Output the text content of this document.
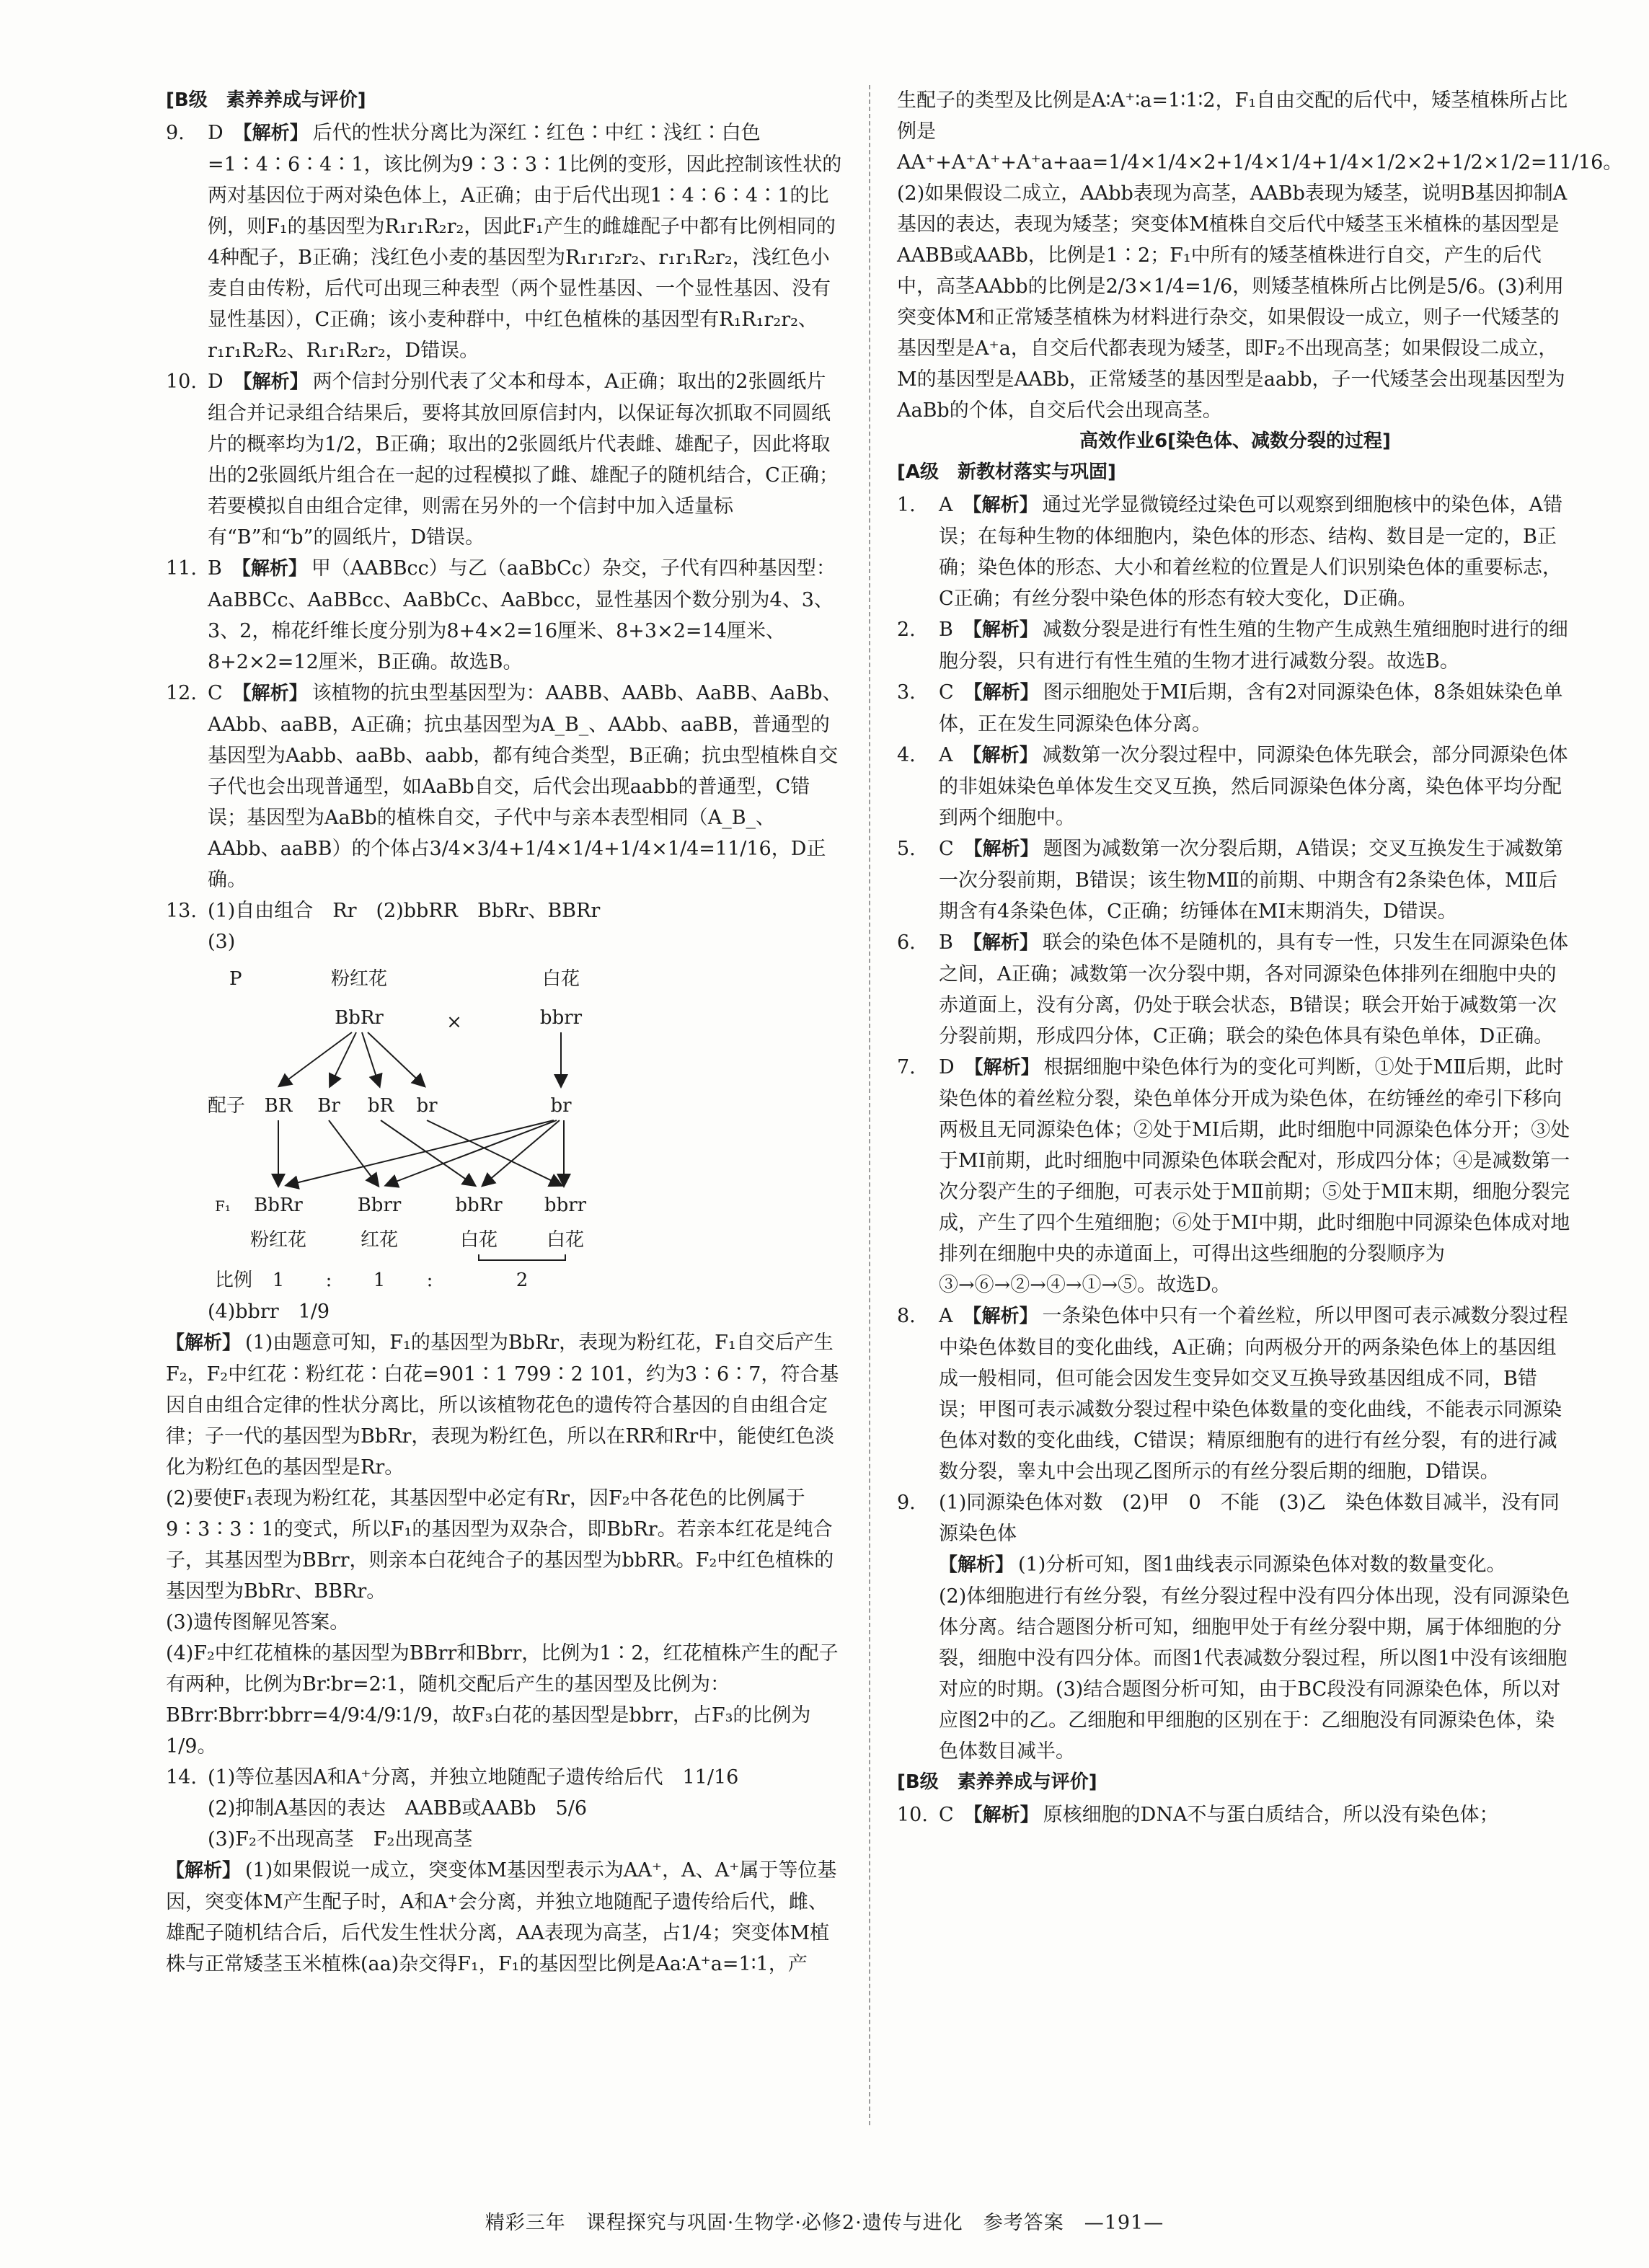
[B级　素养养成与评价]

9. D 【解析】 后代的性状分离比为深红∶红色∶中红∶浅红∶白色=1∶4∶6∶4∶1，该比例为9∶3∶3∶1比例的变形，因此控制该性状的两对基因位于两对染色体上，A正确；由于后代出现1∶4∶6∶4∶1的比例，则F₁的基因型为R₁r₁R₂r₂，因此F₁产生的雌雄配子中都有比例相同的4种配子，B正确；浅红色小麦的基因型为R₁r₁r₂r₂、r₁r₁R₂r₂，浅红色小麦自由传粉，后代可出现三种表型（两个显性基因、一个显性基因、没有显性基因），C正确；该小麦种群中，中红色植株的基因型有R₁R₁r₂r₂、r₁r₁R₂R₂、R₁r₁R₂r₂，D错误。
10. D 【解析】 两个信封分别代表了父本和母本，A正确；取出的2张圆纸片组合并记录组合结果后，要将其放回原信封内，以保证每次抓取不同圆纸片的概率均为1/2，B正确；取出的2张圆纸片代表雌、雄配子，因此将取出的2张圆纸片组合在一起的过程模拟了雌、雄配子的随机结合，C正确；若要模拟自由组合定律，则需在另外的一个信封中加入适量标有“B”和“b”的圆纸片，D错误。
11. B 【解析】 甲（AABBcc）与乙（aaBbCc）杂交，子代有四种基因型：AaBBCc、AaBBcc、AaBbCc、AaBbcc，显性基因个数分别为4、3、3、2，棉花纤维长度分别为8+4×2=16厘米、8+3×2=14厘米、8+2×2=12厘米，B正确。故选B。
12. C 【解析】 该植物的抗虫型基因型为：AABB、AABb、AaBB、AaBb、AAbb、aaBB，A正确；抗虫基因型为A_B_、AAbb、aaBB，普通型的基因型为Aabb、aaBb、aabb，都有纯合类型，B正确；抗虫型植株自交子代也会出现普通型，如AaBb自交，后代会出现aabb的普通型，C错误；基因型为AaBb的植株自交，子代中与亲本表型相同（A_B_、AAbb、aaBB）的个体占3/4×3/4+1/4×1/4+1/4×1/4=11/16，D正确。
13. (1)自由组合　Rr　(2)bbRR　BbRr、BBRr

(3)

P	粉红花
BbRr	×
白花
bbrr
配子 BR Br bR br	br
F₁ BbRr	Bbrr	bbRr bbrr
粉红花	红花	白花	白花
比例 1 : 1 :	2

(4)bbrr　1/9

【解析】 (1)由题意可知，F₁的基因型为BbRr，表现为粉红花，F₁自交后产生F₂，F₂中红花∶粉红花∶白花=901∶1 799∶2 101，约为3∶6∶7，符合基因自由组合定律的性状分离比，所以该植物花色的遗传符合基因的自由组合定律；子一代的基因型为BbRr，表现为粉红色，所以在RR和Rr中，能使红色淡化为粉红色的基因型是Rr。

(2)要使F₁表现为粉红花，其基因型中必定有Rr，因F₂中各花色的比例属于9∶3∶3∶1的变式，所以F₁的基因型为双杂合，即BbRr。若亲本红花是纯合子，其基因型为BBrr，则亲本白花纯合子的基因型为bbRR。F₂中红色植株的基因型为BbRr、BBRr。

(3)遗传图解见答案。

(4)F₂中红花植株的基因型为BBrr和Bbrr，比例为1∶2，红花植株产生的配子有两种，比例为Br∶br=2∶1，随机交配后产生的基因型及比例为：BBrr∶Bbrr∶bbrr=4/9∶4/9∶1/9，故F₃白花的基因型是bbrr，占F₃的比例为1/9。

14. (1)等位基因A和A⁺分离，并独立地随配子遗传给后代　11/16

(2)抑制A基因的表达　AABB或AABb　5/6

(3)F₂不出现高茎　F₂出现高茎

【解析】 (1)如果假说一成立，突变体M基因型表示为AA⁺，A、A⁺属于等位基因，突变体M产生配子时，A和A⁺会分离，并独立地随配子遗传给后代，雌、雄配子随机结合后，后代发生性状分离，AA表现为高茎，占1/4；突变体M植株与正常矮茎玉米植株(aa)杂交得F₁，F₁的基因型比例是Aa∶A⁺a=1∶1，产

生配子的类型及比例是A∶A⁺∶a=1∶1∶2，F₁自由交配的后代中，矮茎植株所占比例是AA⁺+A⁺A⁺+A⁺a+aa=1/4×1/4×2+1/4×1/4+1/4×1/2×2+1/2×1/2=11/16。

(2)如果假设二成立，AAbb表现为高茎，AABb表现为矮茎，说明B基因抑制A基因的表达，表现为矮茎；突变体M植株自交后代中矮茎玉米植株的基因型是AABB或AABb，比例是1∶2；F₁中所有的矮茎植株进行自交，产生的后代中，高茎AAbb的比例是2/3×1/4=1/6，则矮茎植株所占比例是5/6。(3)利用突变体M和正常矮茎植株为材料进行杂交，如果假设一成立，则子一代矮茎的基因型是A⁺a，自交后代都表现为矮茎，即F₂不出现高茎；如果假设二成立，M的基因型是AABb，正常矮茎的基因型是aabb，子一代矮茎会出现基因型为AaBb的个体，自交后代会出现高茎。

高效作业6[染色体、减数分裂的过程]

[A级　新教材落实与巩固]

1. A 【解析】 通过光学显微镜经过染色可以观察到细胞核中的染色体，A错误；在每种生物的体细胞内，染色体的形态、结构、数目是一定的，B正确；染色体的形态、大小和着丝粒的位置是人们识别染色体的重要标志，C正确；有丝分裂中染色体的形态有较大变化，D正确。
2. B 【解析】 减数分裂是进行有性生殖的生物产生成熟生殖细胞时进行的细胞分裂，只有进行有性生殖的生物才进行减数分裂。故选B。
3. C 【解析】 图示细胞处于MⅠ后期，含有2对同源染色体，8条姐妹染色单体，正在发生同源染色体分离。
4. A 【解析】 减数第一次分裂过程中，同源染色体先联会，部分同源染色体的非姐妹染色单体发生交叉互换，然后同源染色体分离，染色体平均分配到两个细胞中。
5. C 【解析】 题图为减数第一次分裂后期，A错误；交叉互换发生于减数第一次分裂前期，B错误；该生物MⅡ的前期、中期含有2条染色体，MⅡ后期含有4条染色体，C正确；纺锤体在MⅠ末期消失，D错误。
6. B 【解析】 联会的染色体不是随机的，具有专一性，只发生在同源染色体之间，A正确；减数第一次分裂中期，各对同源染色体排列在细胞中央的赤道面上，没有分离，仍处于联会状态，B错误；联会开始于减数第一次分裂前期，形成四分体，C正确；联会的染色体具有染色单体，D正确。
7. D 【解析】 根据细胞中染色体行为的变化可判断，①处于MⅡ后期，此时染色体的着丝粒分裂，染色单体分开成为染色体，在纺锤丝的牵引下移向两极且无同源染色体；②处于MⅠ后期，此时细胞中同源染色体分开；③处于MⅠ前期，此时细胞中同源染色体联会配对，形成四分体；④是减数第一次分裂产生的子细胞，可表示处于MⅡ前期；⑤处于MⅡ末期，细胞分裂完成，产生了四个生殖细胞；⑥处于MⅠ中期，此时细胞中同源染色体成对地排列在细胞中央的赤道面上，可得出这些细胞的分裂顺序为③→⑥→②→④→①→⑤。故选D。
8. A 【解析】 一条染色体中只有一个着丝粒，所以甲图可表示减数分裂过程中染色体数目的变化曲线，A正确；向两极分开的两条染色体上的基因组成一般相同，但可能会因发生变异如交叉互换导致基因组成不同，B错误；甲图可表示减数分裂过程中染色体数量的变化曲线，不能表示同源染色体对数的变化曲线，C错误；精原细胞有的进行有丝分裂，有的进行减数分裂，睾丸中会出现乙图所示的有丝分裂后期的细胞，D错误。
9. (1)同源染色体对数　(2)甲　0　不能　(3)乙　染色体数目减半，没有同源染色体

【解析】 (1)分析可知，图1曲线表示同源染色体对数的数量变化。

(2)体细胞进行有丝分裂，有丝分裂过程中没有四分体出现，没有同源染色体分离。结合题图分析可知，细胞甲处于有丝分裂中期，属于体细胞的分裂，细胞中没有四分体。而图1代表减数分裂过程，所以图1中没有该细胞对应的时期。(3)结合题图分析可知，由于BC段没有同源染色体，所以对应图2中的乙。乙细胞和甲细胞的区别在于：乙细胞没有同源染色体，染色体数目减半。

[B级　素养养成与评价]

10. C 【解析】 原核细胞的DNA不与蛋白质结合，所以没有染色体；
精彩三年　课程探究与巩固·生物学·必修2·遗传与进化　参考答案　—191—
